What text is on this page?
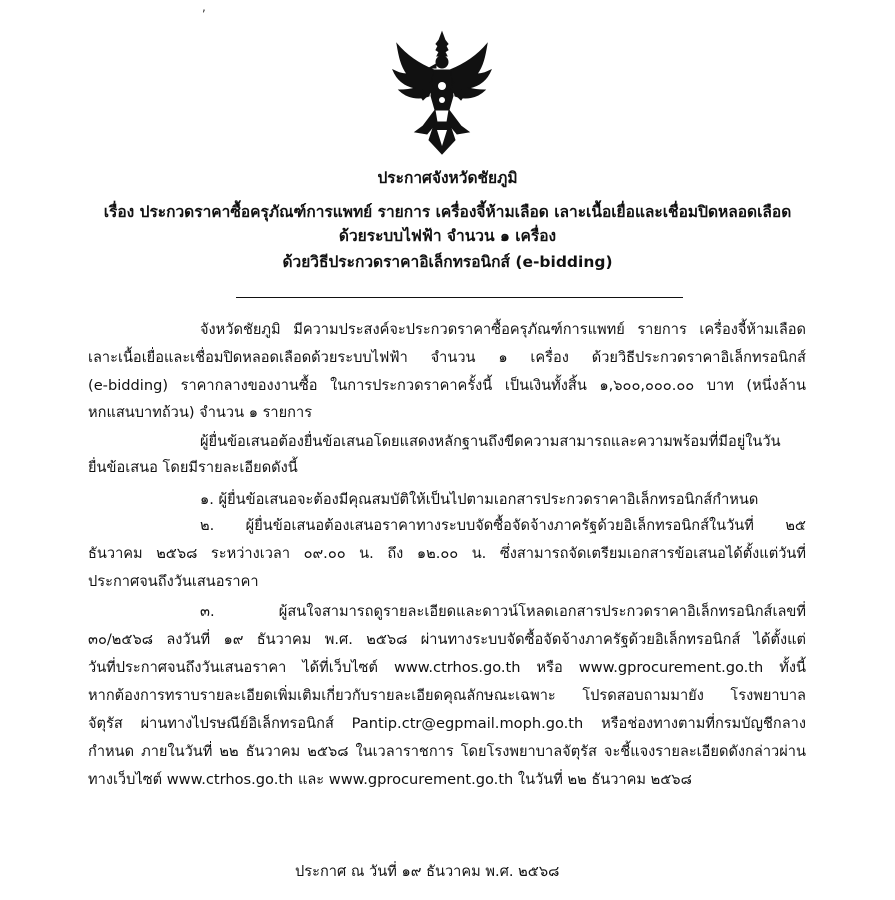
,
ประกาศจังหวัดชัยภูมิ
เรื่อง ประกวดราคาซื้อครุภัณฑ์การแพทย์ รายการ เครื่องจี้ห้ามเลือด เลาะเนื้อเยื่อและเชื่อมปิดหลอดเลือด
ด้วยระบบไฟฟ้า จำนวน ๑ เครื่อง
ด้วยวิธีประกวดราคาอิเล็กทรอนิกส์ (e-bidding)
จังหวัดชัยภูมิ มีความประสงค์จะประกวดราคาซื้อครุภัณฑ์การแพทย์ รายการ เครื่องจี้ห้ามเลือด
เลาะเนื้อเยื่อและเชื่อมปิดหลอดเลือดด้วยระบบไฟฟ้า จำนวน ๑ เครื่อง ด้วยวิธีประกวดราคาอิเล็กทรอนิกส์
(e-bidding) ราคากลางของงานซื้อ ในการประกวดราคาครั้งนี้ เป็นเงินทั้งสิ้น ๑,๖๐๐,๐๐๐.๐๐ บาท (หนึ่งล้าน
หกแสนบาทถ้วน) จำนวน ๑ รายการ
ผู้ยื่นข้อเสนอต้องยื่นข้อเสนอโดยแสดงหลักฐานถึงขีดความสามารถและความพร้อมที่มีอยู่ในวัน
ยื่นข้อเสนอ โดยมีรายละเอียดดังนี้
๑. ผู้ยื่นข้อเสนอจะต้องมีคุณสมบัติให้เป็นไปตามเอกสารประกวดราคาอิเล็กทรอนิกส์กำหนด
๒. ผู้ยื่นข้อเสนอต้องเสนอราคาทางระบบจัดซื้อจัดจ้างภาครัฐด้วยอิเล็กทรอนิกส์ในวันที่ ๒๕
ธันวาคม ๒๕๖๘ ระหว่างเวลา ๐๙.๐๐ น. ถึง ๑๒.๐๐ น. ซึ่งสามารถจัดเตรียมเอกสารข้อเสนอได้ตั้งแต่วันที่
ประกาศจนถึงวันเสนอราคา
๓.	ผู้สนใจสามารถดูรายละเอียดและดาวน์โหลดเอกสารประกวดราคาอิเล็กทรอนิกส์เลขที่
๓๐/๒๕๖๘ ลงวันที่ ๑๙ ธันวาคม พ.ศ. ๒๕๖๘ ผ่านทางระบบจัดซื้อจัดจ้างภาครัฐด้วยอิเล็กทรอนิกส์ ได้ตั้งแต่
วันที่ประกาศจนถึงวันเสนอราคา ได้ที่เว็บไซต์ www.ctrhos.go.th หรือ www.gprocurement.go.th ทั้งนี้
หากต้องการทราบรายละเอียดเพิ่มเติมเกี่ยวกับรายละเอียดคุณลักษณะเฉพาะ โปรดสอบถามมายัง โรงพยาบาล
จัตุรัส ผ่านทางไปรษณีย์อิเล็กทรอนิกส์ Pantip.ctr@egpmail.moph.go.th หรือช่องทางตามที่กรมบัญชีกลาง
กำหนด ภายในวันที่ ๒๒ ธันวาคม ๒๕๖๘ ในเวลาราชการ โดยโรงพยาบาลจัตุรัส จะชี้แจงรายละเอียดดังกล่าวผ่าน
ทางเว็บไซต์ www.ctrhos.go.th และ www.gprocurement.go.th ในวันที่ ๒๒ ธันวาคม ๒๕๖๘
ประกาศ ณ วันที่ ๑๙ ธันวาคม พ.ศ. ๒๕๖๘
